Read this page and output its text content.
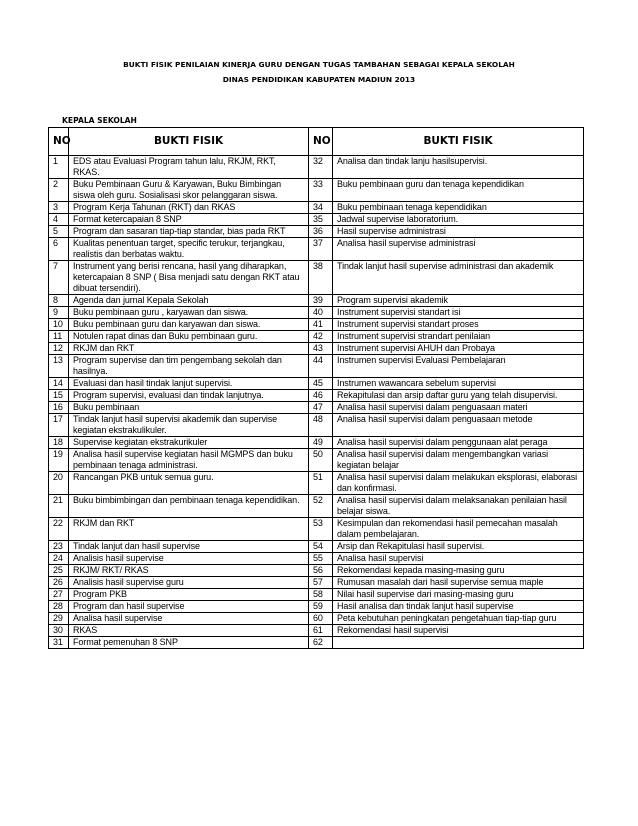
BUKTI FISIK PENILAIAN KINERJA GURU DENGAN TUGAS TAMBAHAN SEBAGAI KEPALA SEKOLAH
DINAS PENDIDIKAN KABUPATEN MADIUN 2013
KEPALA SEKOLAH
NO	BUKTI FISIK	NO	BUKTI FISIK
1	EDS atau Evaluasi Program tahun lalu, RKJM, RKT, RKAS.	32	Analisa dan tindak lanju hasilsupervisi.
2	Buku Pembinaan Guru & Karyawan, Buku Bimbingan siswa oleh guru. Sosialisasi skor pelanggaran siswa.	33	Buku pembinaan guru dan tenaga kependidikan
3	Program Kerja Tahunan (RKT) dan RKAS	34	Buku pembinaan tenaga kependidikan
4	Format ketercapaian 8 SNP	35	Jadwal supervise laboratorium.
5	Program dan sasaran tiap-tiap standar, bias pada RKT	36	Hasil supervise administrasi
6	Kualitas penentuan target, specific terukur, terjangkau, realistis dan berbatas waktu.	37	Analisa hasil supervise administrasi
7	Instrument yang berisi rencana, hasil yang diharapkan, ketercapaian 8 SNP ( Bisa menjadi satu dengan RKT atau dibuat tersendiri).	38	Tindak lanjut hasil supervise administrasi dan akademik
8	Agenda dan jurnal Kepala Sekolah	39	Program supervisi akademik
9	Buku pembinaan guru , karyawan dan siswa.	40	Instrument supervisi standart isi
10	Buku pembinaan guru dan karyawan dan siswa.	41	Instrument supervisi standart proses
11	Notulen rapat dinas dan Buku pembinaan guru.	42	Instrument supervisi strandart penilaian
12	RKJM dan RKT	43	Instrument supervisi AHUH dan Probaya
13	Program supervise dan tim pengembang sekolah dan hasilnya.	44	Instrumen supervisi Evaluasi Pembelajaran
14	Evaluasi dan hasil tindak lanjut supervisi.	45	Instrumen wawancara sebelum supervisi
15	Program supervisi, evaluasi dan tindak lanjutnya.	46	Rekapitulasi dan arsip daftar guru yang telah disupervisi.
16	Buku pembinaan	47	Analisa hasil supervisi dalam penguasaan materi
17	Tindak lanjut hasil supervisi akademik dan supervise kegiatan ekstrakulikuler.	48	Analisa hasil supervisi dalam penguasaan metode
18	Supervise kegiatan ekstrakurikuler	49	Analisa hasil supervisi dalam penggunaan alat peraga
19	Analisa hasil supervise kegiatan hasil MGMPS dan buku pembinaan tenaga administrasi.	50	Analisa hasil supervisi dalam mengembangkan variasi kegiatan belajar
20	Rancangan PKB untuk semua guru.	51	Analisa hasil supervisi dalam melakukan eksplorasi, elaborasi dan konfirmasi.
21	Buku bimbimbingan dan pembinaan tenaga kependidikan.	52	Analisa hasil supervisi dalam melaksanakan penilaian hasil belajar siswa.
22	RKJM dan RKT	53	Kesimpulan dan rekomendasi hasil pemecahan masalah dalam pembelajaran.
23	Tindak lanjut dan hasil supervise	54	Arsip dan Rekapitulasi hasil supervisi.
24	Analisis hasil supervise	55	Analisa hasil supervisi
25	RKJM/ RKT/ RKAS	56	Rekomendasi kepada masing-masing guru
26	Analisis hasil supervise guru	57	Rumusan masalah dari hasil supervise semua maple
27	Program PKB	58	Nilai hasil supervise dari masing-masing guru
28	Program dan hasil supervise	59	Hasil analisa dan tindak lanjut hasil supervise
29	Analisa hasil supervise	60	Peta kebutuhan peningkatan pengetahuan tiap-tiap guru
30	RKAS	61	Rekomendasi hasil supervisi
31	Format pemenuhan 8 SNP	62	
